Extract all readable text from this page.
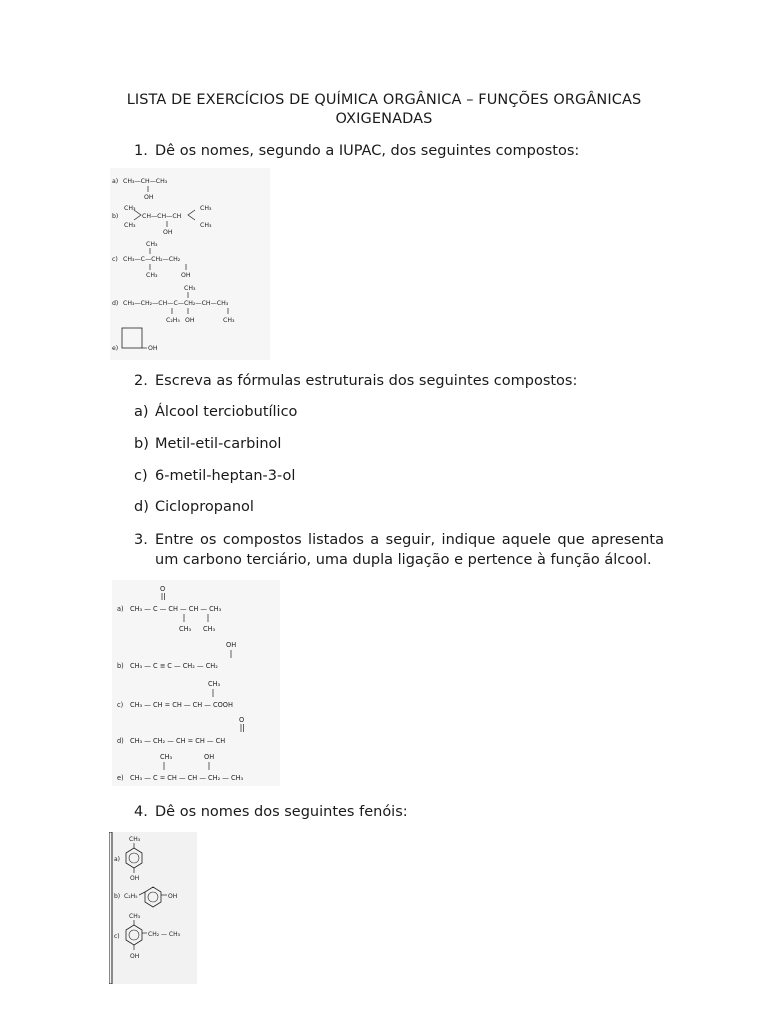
LISTA DE EXERCÍCIOS DE QUÍMICA ORGÂNICA – FUNÇÕES ORGÂNICAS
OXIGENADAS
1. Dê os nomes, segundo a IUPAC, dos seguintes compostos:
a) CH₃—CH—CH₃
OH
CH₃
b)	CH—CH—CH
CH₃
CH₃	CH₃
OH
CH₃
c) CH₃—C—CH₂—CH₂
CH₃	OH
CH₃
d) CH₃—CH₂—CH—C—CH₂—CH—CH₃
C₂H₅ OH	CH₃
e)	OH
2. Escreva as fórmulas estruturais dos seguintes compostos:
a) Álcool terciobutílico
b) Metil-etil-carbinol
c) 6-metil-heptan-3-ol
d) Ciclopropanol
3. Entre os compostos listados a seguir, indique aquele que apresenta um carbono terciário, uma dupla ligação e pertence à função álcool.
O
a) CH₃ — C — CH — CH — CH₃
CH₃ CH₃
OH
b) CH₃ — C ≡ C — CH₂ — CH₂
CH₃
c) CH₃ — CH = CH — CH — COOH
O
d) CH₃ — CH₂ — CH = CH — CH
CH₃	OH
e) CH₃ — C = CH — CH — CH₂ — CH₃
4. Dê os nomes dos seguintes fenóis:
CH₃
a)
OH
b) C₂H₅	OH
CH₃
c)	CH₂ — CH₃
OH
